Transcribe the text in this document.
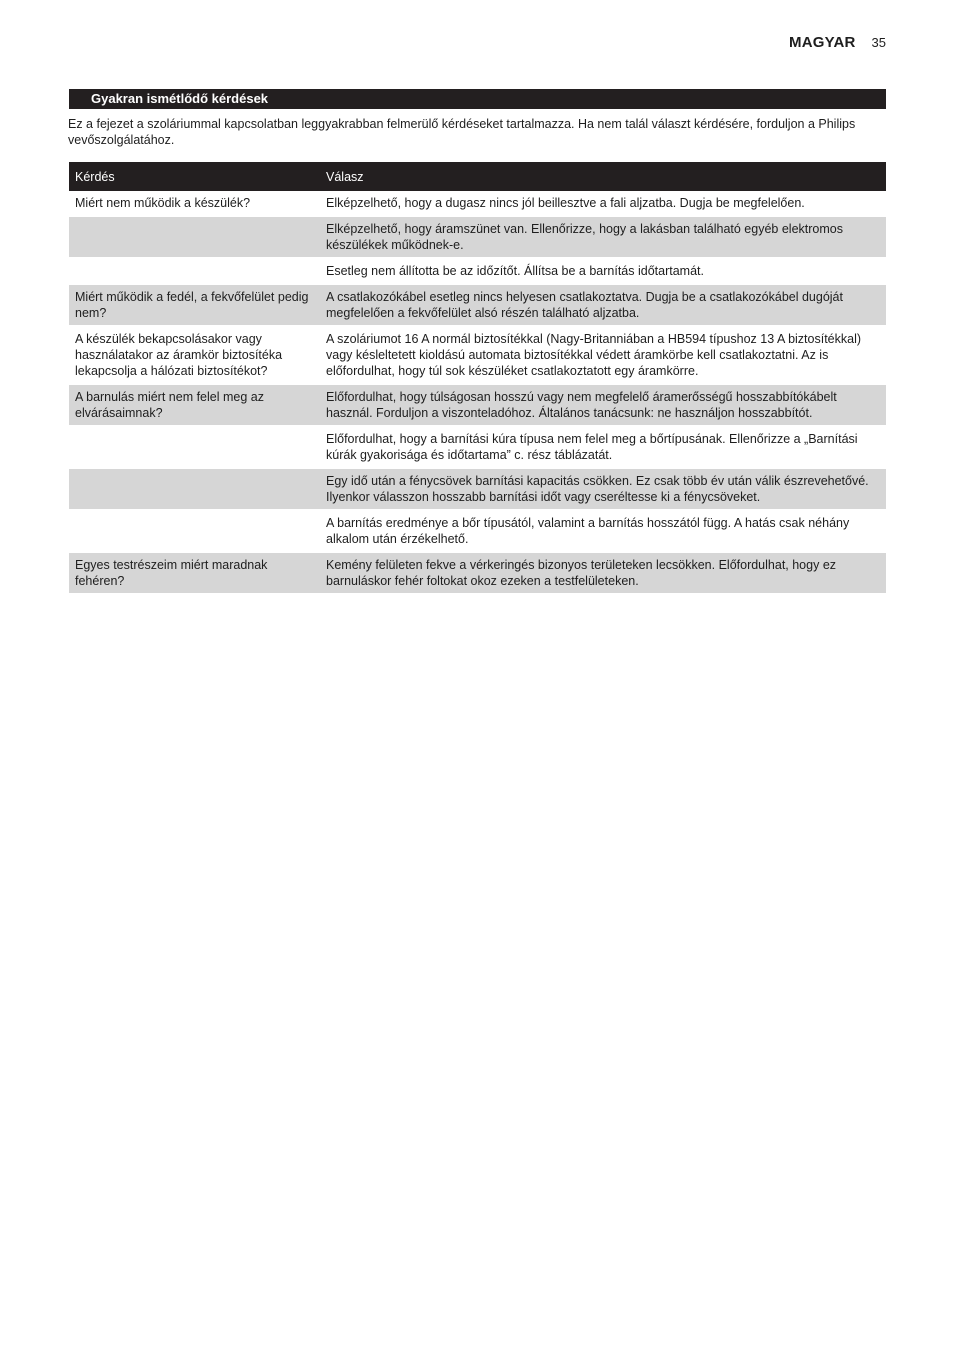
MAGYAR 35
Gyakran ismétlődő kérdések
Ez a fejezet a szoláriummal kapcsolatban leggyakrabban felmerülő kérdéseket tartalmazza. Ha nem talál választ kérdésére, forduljon a Philips vevőszolgálatához.
Kérdés	Válasz
Miért nem működik a készülék?	Elképzelhető, hogy a dugasz nincs jól beillesztve a fali aljzatba. Dugja be megfelelően.
	Elképzelhető, hogy áramszünet van. Ellenőrizze, hogy a lakásban található egyéb elektromos készülékek működnek-e.
	Esetleg nem állította be az időzítőt. Állítsa be a barnítás időtartamát.
Miért működik a fedél, a fekvőfelület pedig nem?	A csatlakozókábel esetleg nincs helyesen csatlakoztatva. Dugja be a csatlakozókábel dugóját megfelelően a fekvőfelület alsó részén található aljzatba.
A készülék bekapcsolásakor vagy használatakor az áramkör biztosítéka lekapcsolja a hálózati biztosítékot?	A szoláriumot 16 A normál biztosítékkal (Nagy-Britanniában a HB594 típushoz 13 A biztosítékkal) vagy késleltetett kioldású automata biztosítékkal védett áramkörbe kell csatlakoztatni. Az is előfordulhat, hogy túl sok készüléket csatlakoztatott egy áramkörre.
A barnulás miért nem felel meg az elvárásaimnak?	Előfordulhat, hogy túlságosan hosszú vagy nem megfelelő áramerősségű hosszabbítókábelt használ. Forduljon a viszonteladóhoz. Általános tanácsunk: ne használjon hosszabbítót.
	Előfordulhat, hogy a barnítási kúra típusa nem felel meg a bőrtípusának. Ellenőrizze a „Barnítási kúrák gyakorisága és időtartama” c. rész táblázatát.
	Egy idő után a fénycsövek barnítási kapacitás csökken. Ez csak több év után válik észrevehetővé. Ilyenkor válasszon hosszabb barnítási időt vagy cseréltesse ki a fénycsöveket.
	A barnítás eredménye a bőr típusától, valamint a barnítás hosszától függ. A hatás csak néhány alkalom után érzékelhető.
Egyes testrészeim miért maradnak fehéren?	Kemény felületen fekve a vérkeringés bizonyos területeken lecsökken. Előfordulhat, hogy ez barnuláskor fehér foltokat okoz ezeken a testfelületeken.
